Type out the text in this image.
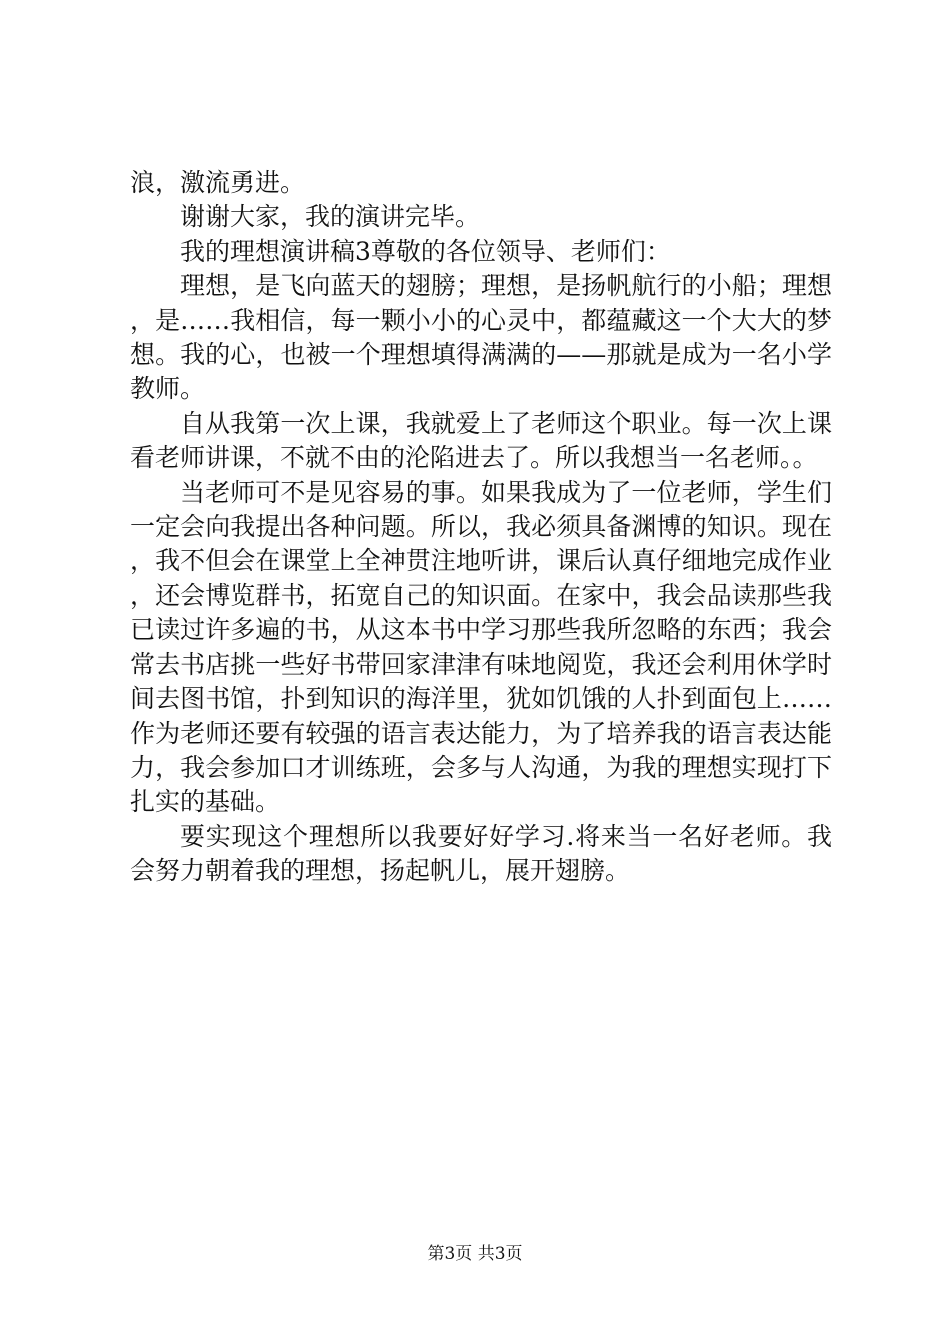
浪，激流勇进。

谢谢大家，我的演讲完毕。

我的理想演讲稿3尊敬的各位领导、老师们：

理想，是飞向蓝天的翅膀；理想，是扬帆航行的小船；理想，是……我相信，每一颗小小的心灵中，都蕴藏这一个大大的梦想。我的心，也被一个理想填得满满的——那就是成为一名小学教师。

自从我第一次上课，我就爱上了老师这个职业。每一次上课看老师讲课，不就不由的沦陷进去了。所以我想当一名老师。。

当老师可不是见容易的事。如果我成为了一位老师，学生们一定会向我提出各种问题。所以，我必须具备渊博的知识。现在，我不但会在课堂上全神贯注地听讲，课后认真仔细地完成作业，还会博览群书，拓宽自己的知识面。在家中，我会品读那些我已读过许多遍的书，从这本书中学习那些我所忽略的东西；我会常去书店挑一些好书带回家津津有味地阅览，我还会利用休学时间去图书馆，扑到知识的海洋里，犹如饥饿的人扑到面包上……作为老师还要有较强的语言表达能力，为了培养我的语言表达能力，我会参加口才训练班，会多与人沟通，为我的理想实现打下扎实的基础。

要实现这个理想所以我要好好学习.将来当一名好老师。我会努力朝着我的理想，扬起帆儿，展开翅膀。

第3页 共3页
